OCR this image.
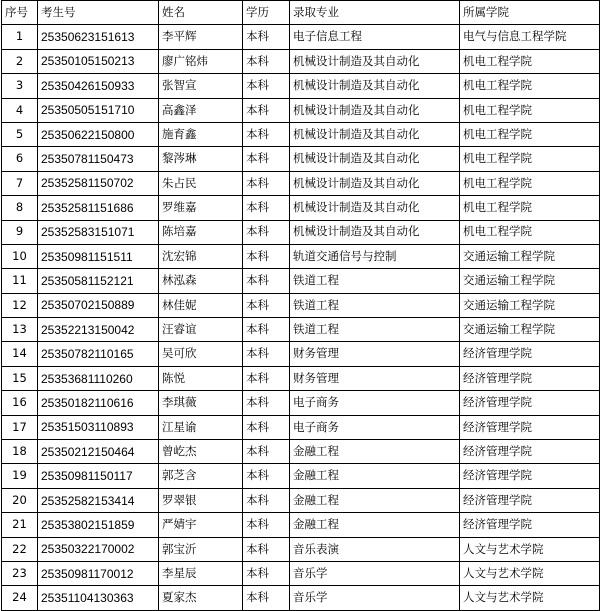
序号	考生号	姓名	学历	录取专业	所属学院
1	25350623151613	李平辉	本科	电子信息工程	电气与信息工程学院
2	25350105150213	廖广铭炜	本科	机械设计制造及其自动化	机电工程学院
3	25350426150933	张智宣	本科	机械设计制造及其自动化	机电工程学院
4	25350505151710	高鑫泽	本科	机械设计制造及其自动化	机电工程学院
5	25350622150800	施育鑫	本科	机械设计制造及其自动化	机电工程学院
6	25350781150473	黎涔琳	本科	机械设计制造及其自动化	机电工程学院
7	25352581150702	朱占民	本科	机械设计制造及其自动化	机电工程学院
8	25352581151686	罗维嘉	本科	机械设计制造及其自动化	机电工程学院
9	25352583151071	陈培嘉	本科	机械设计制造及其自动化	机电工程学院
10	25350981151511	沈宏锦	本科	轨道交通信号与控制	交通运输工程学院
11	25350581152121	林泓森	本科	铁道工程	交通运输工程学院
12	25350702150889	林佳妮	本科	铁道工程	交通运输工程学院
13	25352213150042	汪睿谊	本科	铁道工程	交通运输工程学院
14	25350782110165	吴可欣	本科	财务管理	经济管理学院
15	25353681110260	陈悦	本科	财务管理	经济管理学院
16	25350182110616	李琪薇	本科	电子商务	经济管理学院
17	25351503110893	江星谕	本科	电子商务	经济管理学院
18	25350212150464	曾屹杰	本科	金融工程	经济管理学院
19	25350981150117	郭芝含	本科	金融工程	经济管理学院
20	25352582153414	罗翠银	本科	金融工程	经济管理学院
21	25353802151859	严婧宇	本科	金融工程	经济管理学院
22	25350322170002	郭宝沂	本科	音乐表演	人文与艺术学院
23	25350981170012	李星辰	本科	音乐学	人文与艺术学院
24	25351104130363	夏家杰	本科	音乐学	人文与艺术学院
